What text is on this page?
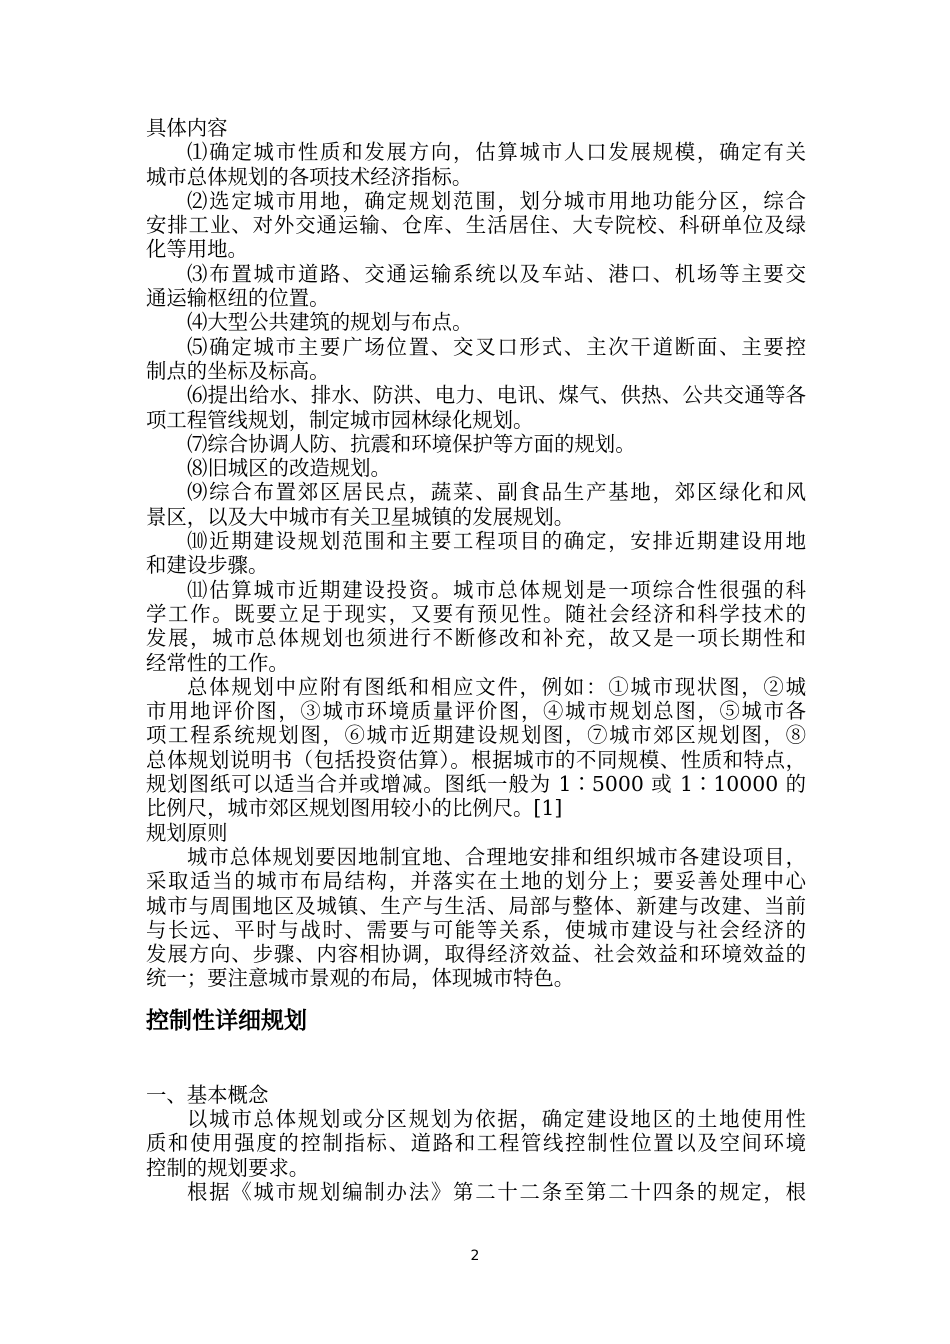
具体内容
⑴确定城市性质和发展方向，估算城市人口发展规模，确定有关
城市总体规划的各项技术经济指标。
⑵选定城市用地，确定规划范围，划分城市用地功能分区，综合
安排工业、对外交通运输、仓库、生活居住、大专院校、科研单位及绿
化等用地。
⑶布置城市道路、交通运输系统以及车站、港口、机场等主要交
通运输枢纽的位置。
⑷大型公共建筑的规划与布点。
⑸确定城市主要广场位置、交叉口形式、主次干道断面、主要控
制点的坐标及标高。
⑹提出给水、排水、防洪、电力、电讯、煤气、供热、公共交通等各
项工程管线规划，制定城市园林绿化规划。
⑺综合协调人防、抗震和环境保护等方面的规划。
⑻旧城区的改造规划。
⑼综合布置郊区居民点，蔬菜、副食品生产基地，郊区绿化和风
景区，以及大中城市有关卫星城镇的发展规划。
⑽近期建设规划范围和主要工程项目的确定，安排近期建设用地
和建设步骤。
⑾估算城市近期建设投资。城市总体规划是一项综合性很强的科
学工作。既要立足于现实，又要有预见性。随社会经济和科学技术的
发展，城市总体规划也须进行不断修改和补充，故又是一项长期性和
经常性的工作。
总体规划中应附有图纸和相应文件，例如：①城市现状图，②城
市用地评价图，③城市环境质量评价图，④城市规划总图，⑤城市各
项工程系统规划图，⑥城市近期建设规划图，⑦城市郊区规划图，⑧
总体规划说明书（包括投资估算）。根据城市的不同规模、性质和特点，
规划图纸可以适当合并或增减。图纸一般为 1∶5000 或 1∶10000 的
比例尺，城市郊区规划图用较小的比例尺。[1]
规划原则
城市总体规划要因地制宜地、合理地安排和组织城市各建设项目，
采取适当的城市布局结构，并落实在土地的划分上；要妥善处理中心
城市与周围地区及城镇、生产与生活、局部与整体、新建与改建、当前
与长远、平时与战时、需要与可能等关系，使城市建设与社会经济的
发展方向、步骤、内容相协调，取得经济效益、社会效益和环境效益的
统一；要注意城市景观的布局，体现城市特色。
控制性详细规划
一、基本概念
以城市总体规划或分区规划为依据，确定建设地区的土地使用性
质和使用强度的控制指标、道路和工程管线控制性位置以及空间环境
控制的规划要求。
根据《城市规划编制办法》第二十二条至第二十四条的规定，根
2
